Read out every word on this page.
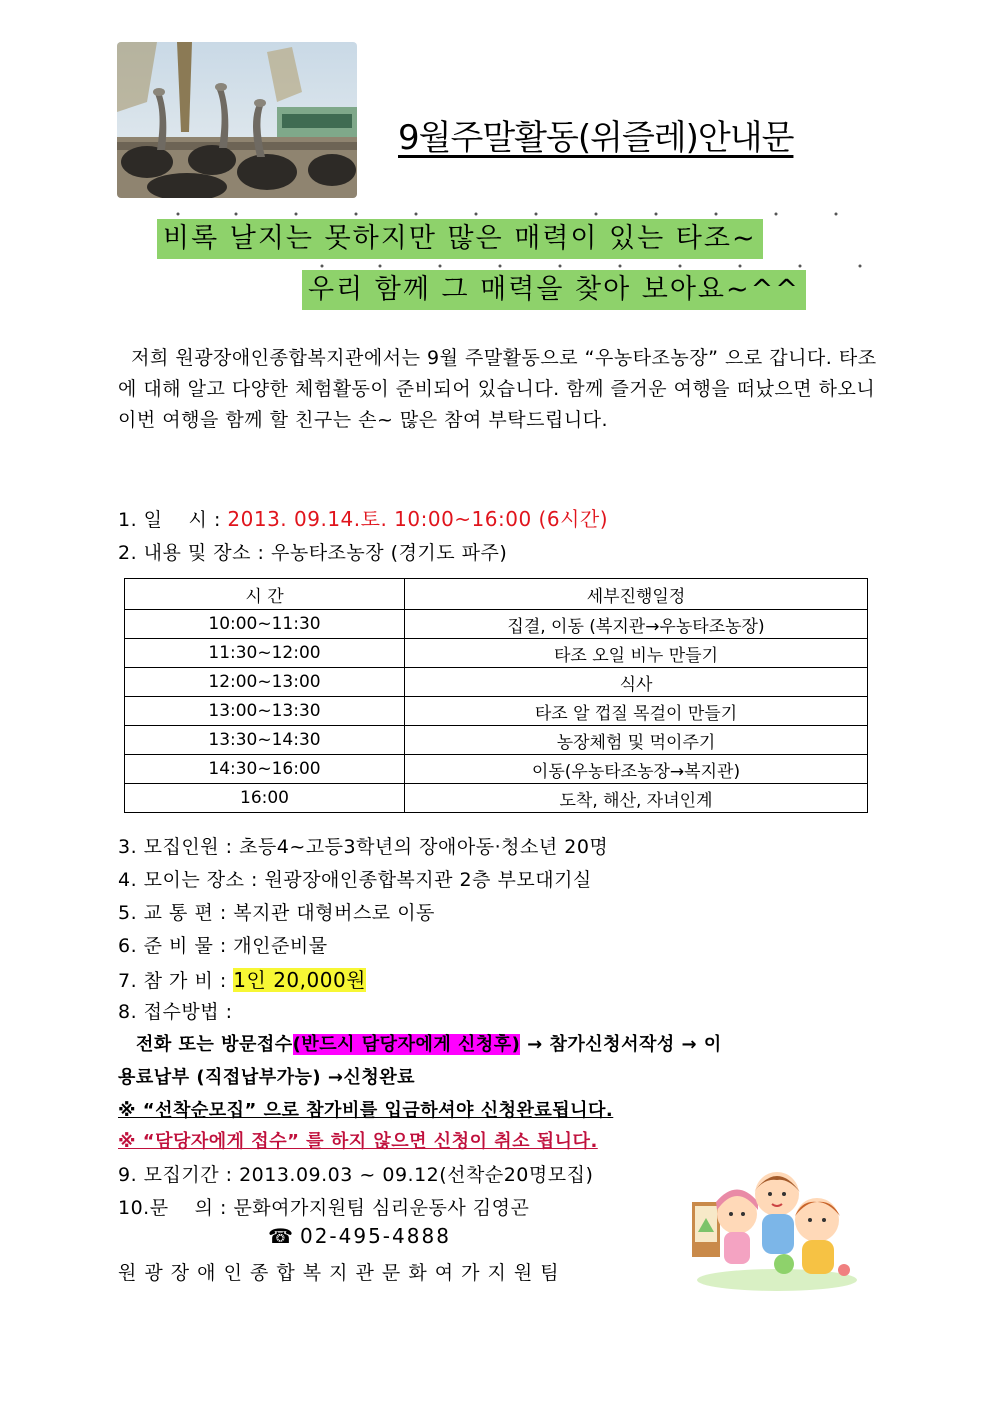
9월주말활동(위즐레)안내문
비록 날지는 못하지만 많은 매력이 있는 타조~
우리 함께 그 매력을 찾아 보아요~^^
저희 원광장애인종합복지관에서는 9월 주말활동으로 “우농타조농장” 으로 갑니다. 타조에 대해 알고 다양한 체험활동이 준비되어 있습니다. 함께 즐거운 여행을 떠났으면 하오니 이번 여행을 함께 할 친구는 손~ 많은 참여 부탁드립니다.
1. 일　 시 : 2013. 09.14.토. 10:00~16:00 (6시간)
2. 내용 및 장소 : 우농타조농장 (경기도 파주)
시 간	세부진행일정
10:00~11:30	집결, 이동 (복지관→우농타조농장)
11:30~12:00	타조 오일 비누 만들기
12:00~13:00	식사
13:00~13:30	타조 알 껍질 목걸이 만들기
13:30~14:30	농장체험 및 먹이주기
14:30~16:00	이동(우농타조농장→복지관)
16:00	도착, 해산, 자녀인계
3. 모집인원 : 초등4~고등3학년의 장애아동·청소년 20명
4. 모이는 장소 : 원광장애인종합복지관 2층 부모대기실
5. 교 통 편 : 복지관 대형버스로 이동
6. 준 비 물 : 개인준비물
7. 참 가 비 : 1인 20,000원
8. 접수방법 :
전화 또는 방문접수(반드시 담당자에게 신청후) → 참가신청서작성 → 이
용료납부 (직접납부가능) →신청완료
※ “선착순모집” 으로 참가비를 입금하셔야 신청완료됩니다.
※ “담당자에게 접수” 를 하지 않으면 신청이 취소 됩니다.
9. 모집기간 : 2013.09.03 ~ 09.12(선착순20명모집)
10.문　 의 : 문화여가지원팀 심리운동사 김영곤
☎ 02-495-4888
원 광 장 애 인 종 합 복 지 관 문 화 여 가 지 원 팀
